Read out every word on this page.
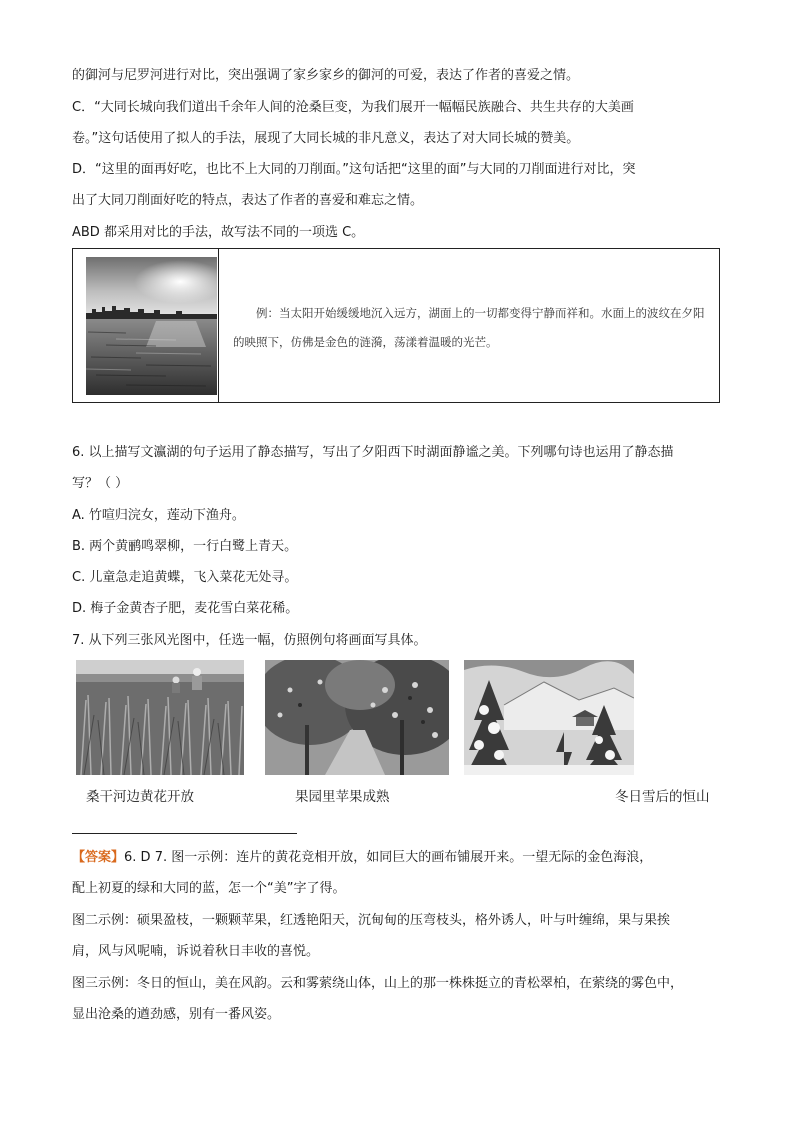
的御河与尼罗河进行对比，突出强调了家乡家乡的御河的可爱，表达了作者的喜爱之情。
C．“大同长城向我们道出千余年人间的沧桑巨变，为我们展开一幅幅民族融合、共生共存的大美画
卷。”这句话使用了拟人的手法，展现了大同长城的非凡意义，表达了对大同长城的赞美。
D．“这里的面再好吃，也比不上大同的刀削面。”这句话把“这里的面”与大同的刀削面进行对比，突
出了大同刀削面好吃的特点，表达了作者的喜爱和难忘之情。
ABD 都采用对比的手法，故写法不同的一项选 C。
例：当太阳开始缓缓地沉入远方，湖面上的一切都变得宁静而祥和。水面上的波纹在夕阳的映照下，仿佛是金色的涟漪，荡漾着温暖的光芒。
6. 以上描写文瀛湖的句子运用了静态描写，写出了夕阳西下时湖面静谧之美。下列哪句诗也运用了静态描
写？（ ）
A. 竹喧归浣女，莲动下渔舟。
B. 两个黄鹂鸣翠柳，一行白鹭上青天。
C. 儿童急走追黄蝶，飞入菜花无处寻。
D. 梅子金黄杏子肥，麦花雪白菜花稀。
7. 从下列三张风光图中，任选一幅，仿照例句将画面写具体。
桑干河边黄花开放	果园里苹果成熟	冬日雪后的恒山
【答案】6. D 7. 图一示例：连片的黄花竞相开放，如同巨大的画布铺展开来。一望无际的金色海浪，
配上初夏的绿和大同的蓝，怎一个“美”字了得。
图二示例：硕果盈枝，一颗颗苹果，红透艳阳天，沉甸甸的压弯枝头，格外诱人，叶与叶缠绵，果与果挨
肩，风与风呢喃，诉说着秋日丰收的喜悦。
图三示例：冬日的恒山，美在风韵。云和雾萦绕山体，山上的那一株株挺立的青松翠柏，在萦绕的雾色中，
显出沧桑的遒劲感，别有一番风姿。
